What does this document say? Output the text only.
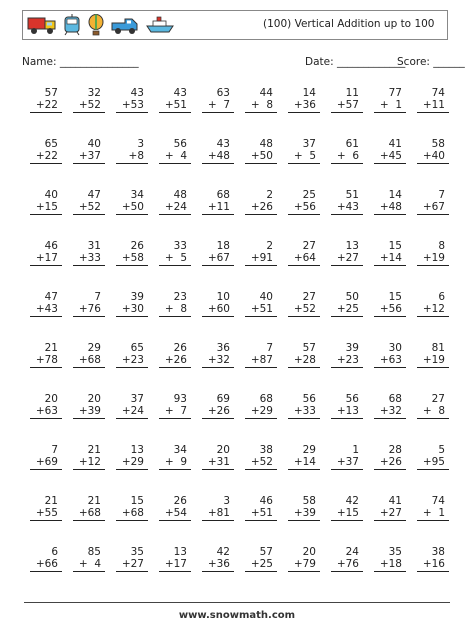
(100) Vertical Addition up to 100
Name: _______________	Date: _____________
Score: ______
57
+22
32
+52
43
+53
43
+51
63
+  7
44
+  8
14
+36
11
+57
77
+  1
74
+11
65
+22
40
+37
3
+8
56
+  4
43
+48
48
+50
37
+  5
61
+  6
41
+45
58
+40
40
+15
47
+52
34
+50
48
+24
68
+11
2
+26
25
+56
51
+43
14
+48
7
+67
46
+17
31
+33
26
+58
33
+  5
18
+67
2
+91
27
+64
13
+27
15
+14
8
+19
47
+43
7
+76
39
+30
23
+  8
10
+60
40
+51
27
+52
50
+25
15
+56
6
+12
21
+78
29
+68
65
+23
26
+26
36
+32
7
+87
57
+28
39
+23
30
+63
81
+19
20
+63
20
+39
37
+24
93
+  7
69
+26
68
+29
56
+33
56
+13
68
+32
27
+  8
7
+69
21
+12
13
+29
34
+  9
20
+31
38
+52
29
+14
1
+37
28
+26
5
+95
21
+55
21
+68
15
+68
26
+54
3
+81
46
+51
58
+39
42
+15
41
+27
74
+  1
6
+66
85
+  4
35
+27
13
+17
42
+36
57
+25
20
+79
24
+76
35
+18
38
+16
www.snowmath.com
